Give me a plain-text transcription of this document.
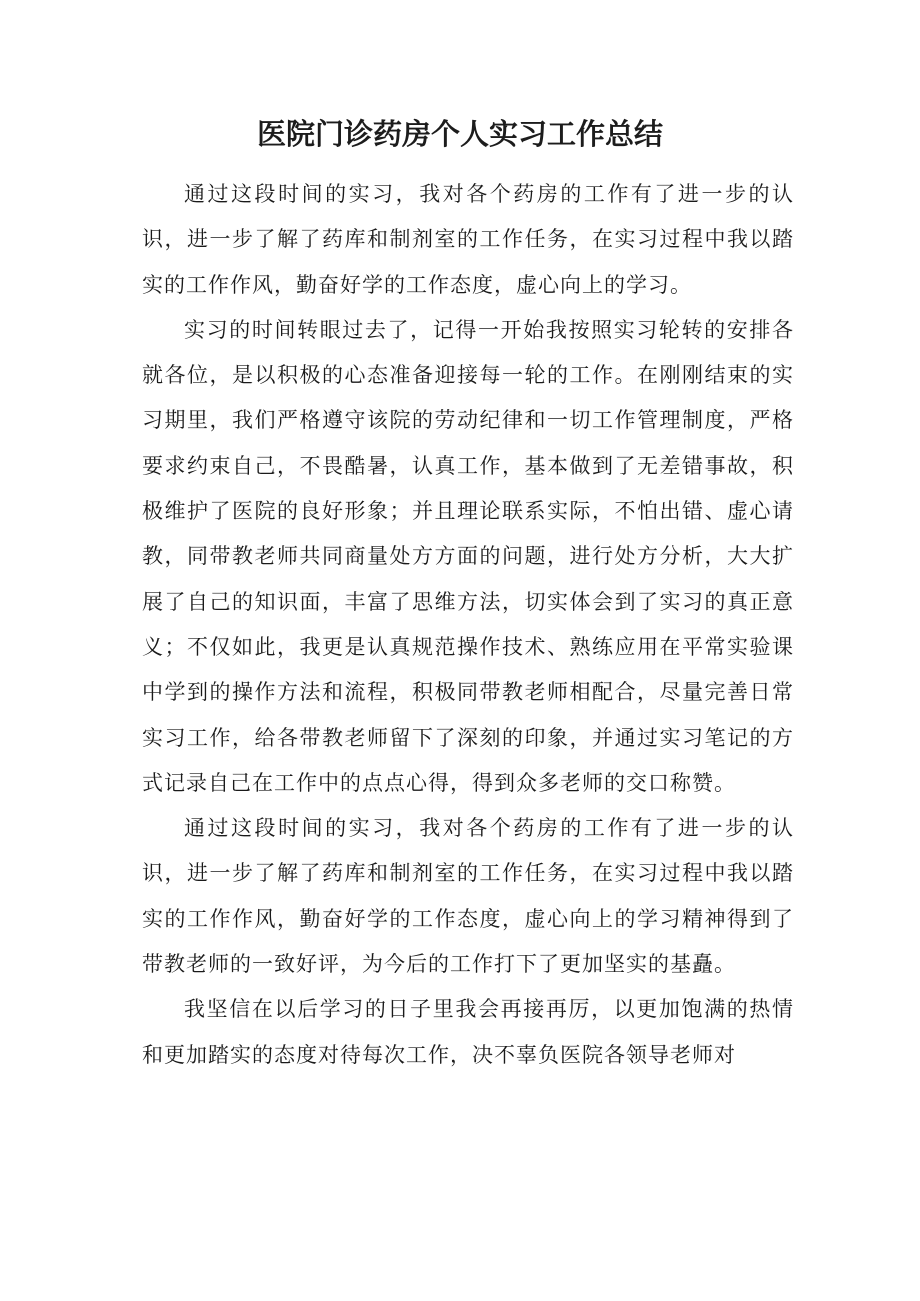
医院门诊药房个人实习工作总结

通过这段时间的实习，我对各个药房的工作有了进一步的认识，进一步了解了药库和制剂室的工作任务，在实习过程中我以踏实的工作作风，勤奋好学的工作态度，虚心向上的学习。

实习的时间转眼过去了，记得一开始我按照实习轮转的安排各就各位，是以积极的心态准备迎接每一轮的工作。在刚刚结束的实习期里，我们严格遵守该院的劳动纪律和一切工作管理制度，严格要求约束自己，不畏酷暑，认真工作，基本做到了无差错事故，积极维护了医院的良好形象；并且理论联系实际，不怕出错、虚心请教，同带教老师共同商量处方方面的问题，进行处方分析，大大扩展了自己的知识面，丰富了思维方法，切实体会到了实习的真正意义；不仅如此，我更是认真规范操作技术、熟练应用在平常实验课中学到的操作方法和流程，积极同带教老师相配合，尽量完善日常实习工作，给各带教老师留下了深刻的印象，并通过实习笔记的方式记录自己在工作中的点点心得，得到众多老师的交口称赞。

通过这段时间的实习，我对各个药房的工作有了进一步的认识，进一步了解了药库和制剂室的工作任务，在实习过程中我以踏实的工作作风，勤奋好学的工作态度，虚心向上的学习精神得到了带教老师的一致好评，为今后的工作打下了更加坚实的基矗。

我坚信在以后学习的日子里我会再接再厉，以更加饱满的热情和更加踏实的态度对待每次工作，决不辜负医院各领导老师对
